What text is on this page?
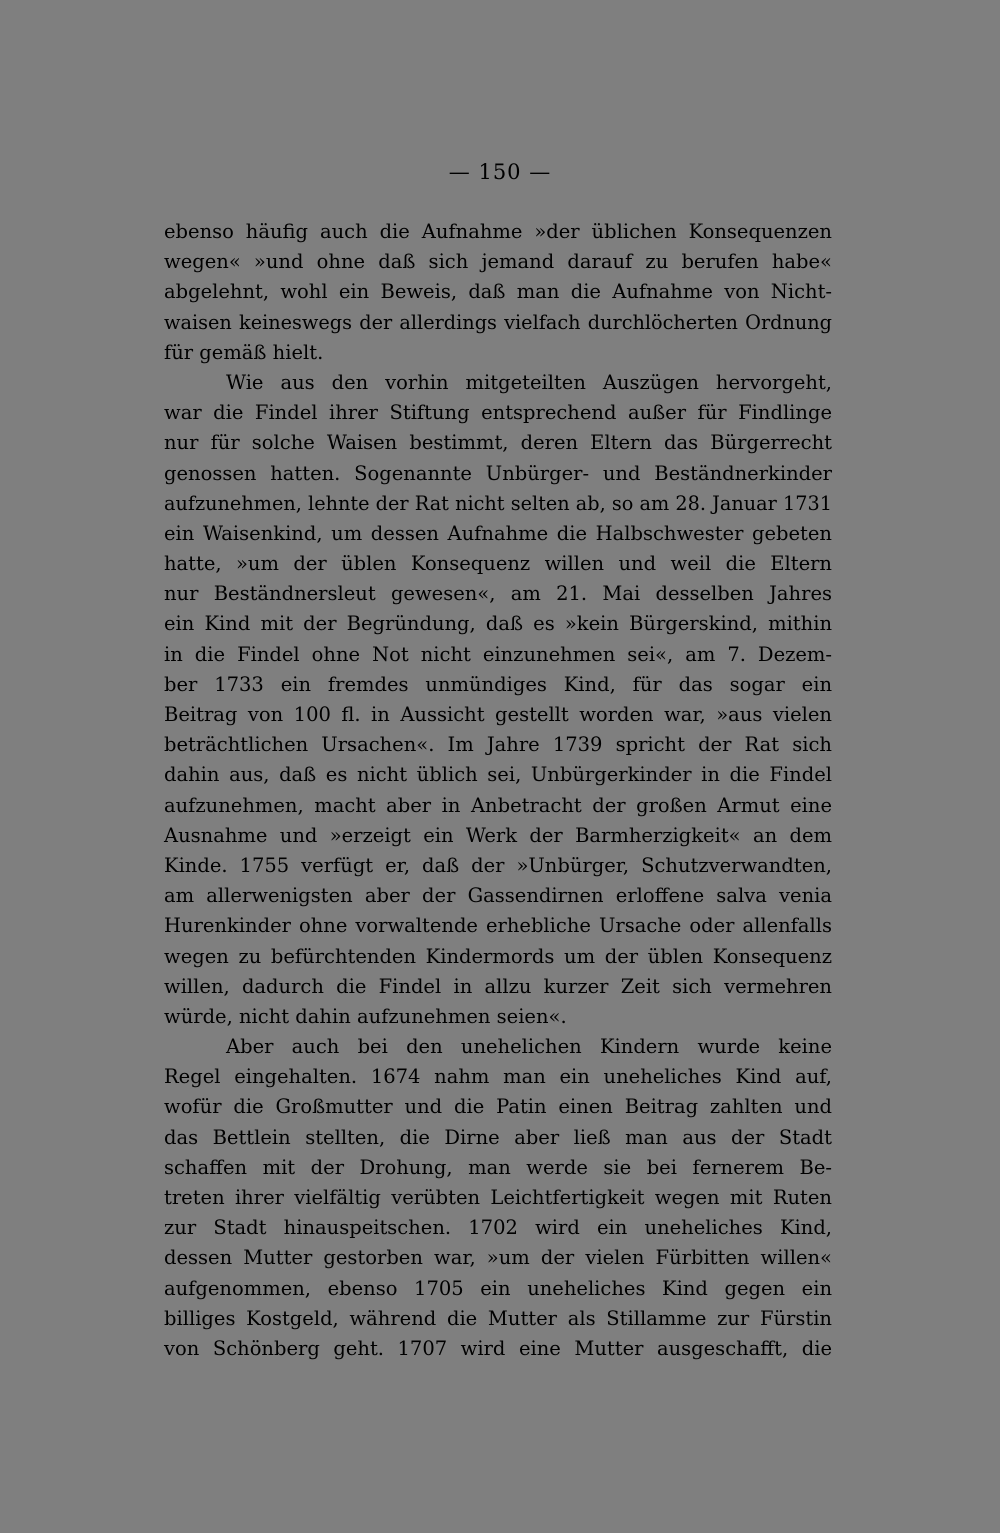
— 150 —
ebenso häufig auch die Aufnahme »der üblichen Konsequenzen
wegen« »und ohne daß sich jemand darauf zu berufen habe«
abgelehnt, wohl ein Beweis, daß man die Aufnahme von Nicht-
waisen keineswegs der allerdings vielfach durchlöcherten Ordnung
für gemäß hielt.
Wie aus den vorhin mitgeteilten Auszügen hervorgeht,
war die Findel ihrer Stiftung entsprechend außer für Findlinge
nur für solche Waisen bestimmt, deren Eltern das Bürgerrecht
genossen hatten. Sogenannte Unbürger- und Beständnerkinder
aufzunehmen, lehnte der Rat nicht selten ab, so am 28. Januar 1731
ein Waisenkind, um dessen Aufnahme die Halbschwester gebeten
hatte, »um der üblen Konsequenz willen und weil die Eltern
nur Beständnersleut gewesen«, am 21. Mai desselben Jahres
ein Kind mit der Begründung, daß es »kein Bürgerskind, mithin
in die Findel ohne Not nicht einzunehmen sei«, am 7. Dezem-
ber 1733 ein fremdes unmündiges Kind, für das sogar ein
Beitrag von 100 fl. in Aussicht gestellt worden war, »aus vielen
beträchtlichen Ursachen«. Im Jahre 1739 spricht der Rat sich
dahin aus, daß es nicht üblich sei, Unbürgerkinder in die Findel
aufzunehmen, macht aber in Anbetracht der großen Armut eine
Ausnahme und »erzeigt ein Werk der Barmherzigkeit« an dem
Kinde. 1755 verfügt er, daß der »Unbürger, Schutzverwandten,
am allerwenigsten aber der Gassendirnen erloffene salva venia
Hurenkinder ohne vorwaltende erhebliche Ursache oder allenfalls
wegen zu befürchtenden Kindermords um der üblen Konsequenz
willen, dadurch die Findel in allzu kurzer Zeit sich vermehren
würde, nicht dahin aufzunehmen seien«.
Aber auch bei den unehelichen Kindern wurde keine
Regel eingehalten. 1674 nahm man ein uneheliches Kind auf,
wofür die Großmutter und die Patin einen Beitrag zahlten und
das Bettlein stellten, die Dirne aber ließ man aus der Stadt
schaffen mit der Drohung, man werde sie bei fernerem Be-
treten ihrer vielfältig verübten Leichtfertigkeit wegen mit Ruten
zur Stadt hinauspeitschen. 1702 wird ein uneheliches Kind,
dessen Mutter gestorben war, »um der vielen Fürbitten willen«
aufgenommen, ebenso 1705 ein uneheliches Kind gegen ein
billiges Kostgeld, während die Mutter als Stillamme zur Fürstin
von Schönberg geht. 1707 wird eine Mutter ausgeschafft, die
